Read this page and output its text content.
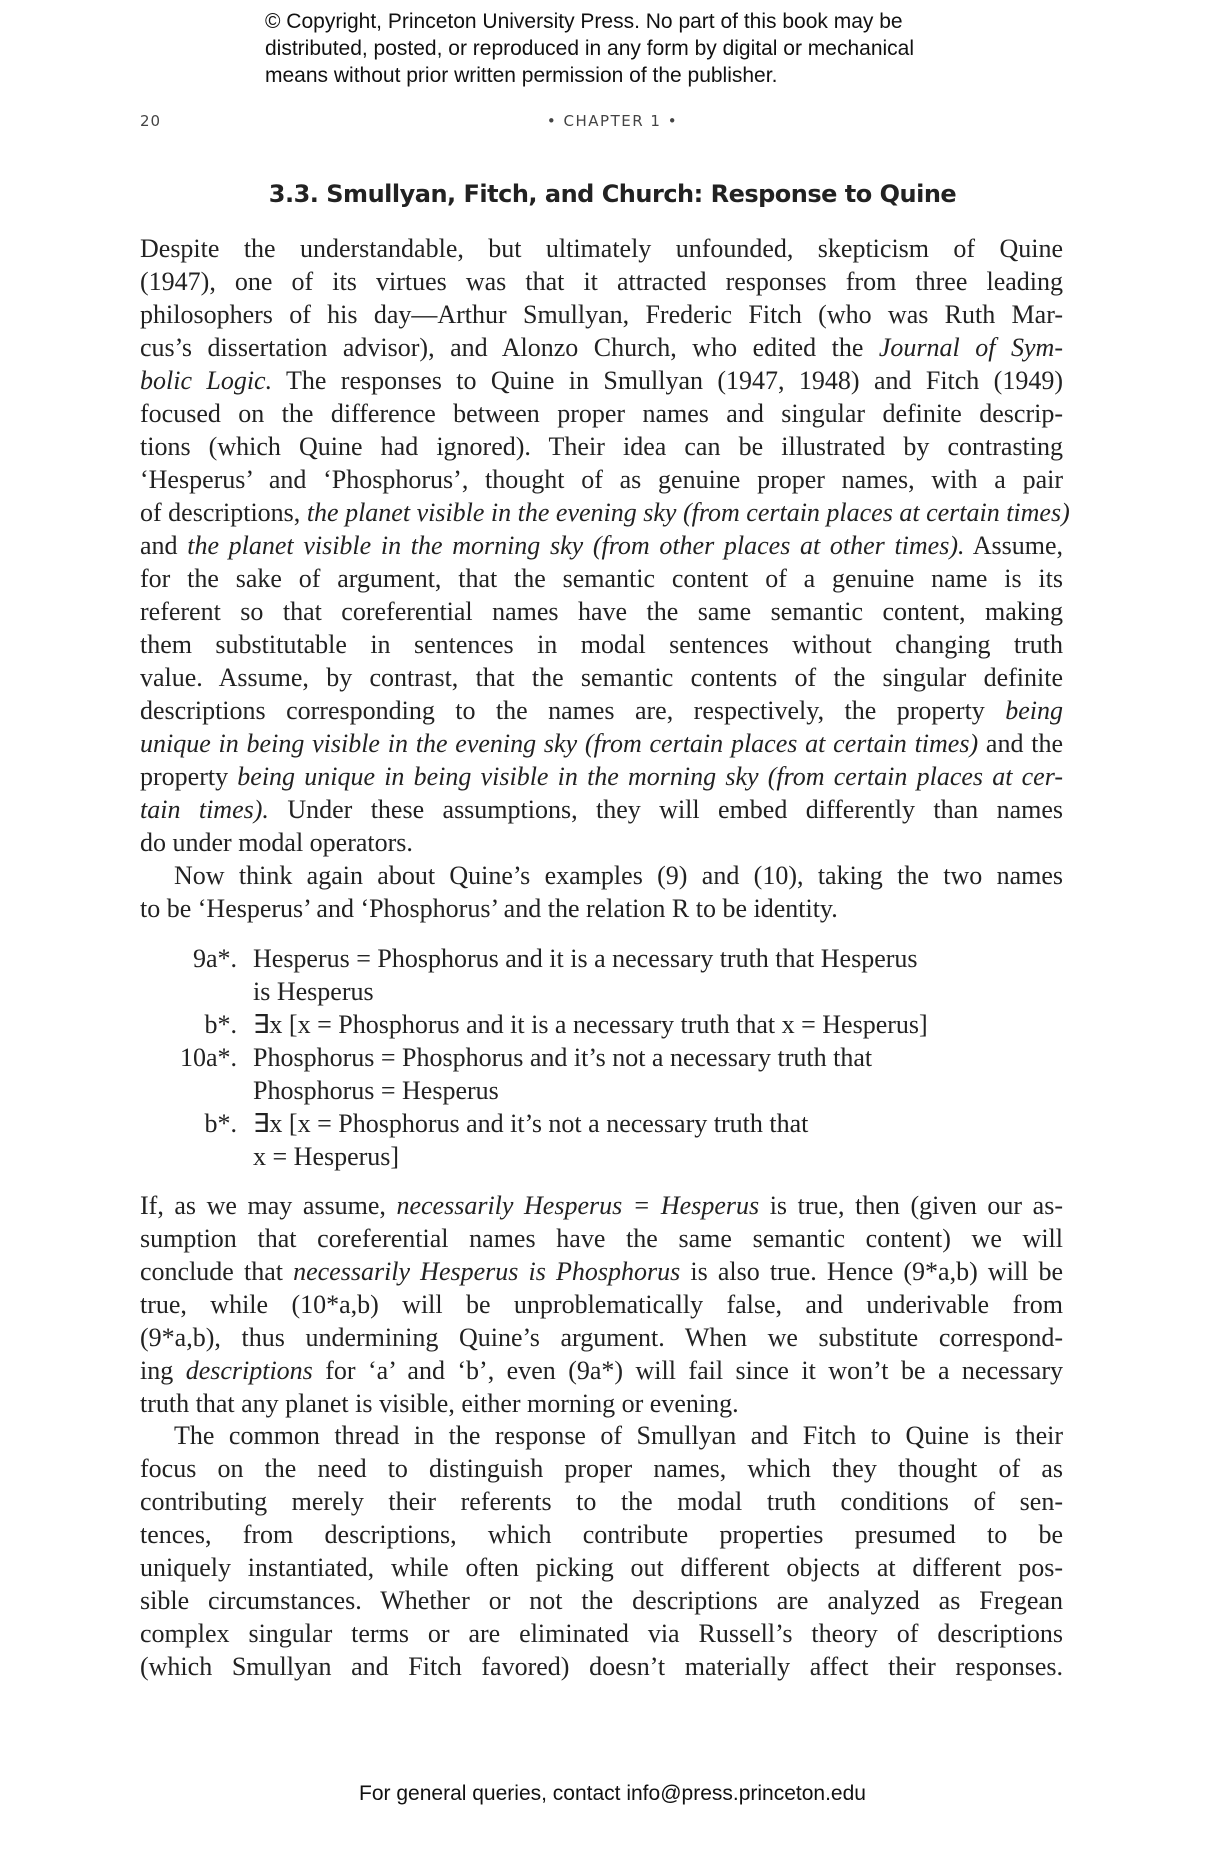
© Copyright, Princeton University Press. No part of this book may be
distributed, posted, or reproduced in any form by digital or mechanical
means without prior written permission of the publisher.
20	• CHAPTER 1 •
3.3. Smullyan, Fitch, and Church: Response to Quine
Despite the understandable, but ultimately unfounded, skepticism of Quine
(1947), one of its virtues was that it attracted responses from three leading
philosophers of his day—Arthur Smullyan, Frederic Fitch (who was Ruth Mar-
cus’s dissertation advisor), and Alonzo Church, who edited the Journal of Sym-
bolic Logic. The responses to Quine in Smullyan (1947, 1948) and Fitch (1949)
focused on the difference between proper names and singular definite descrip-
tions (which Quine had ignored). Their idea can be illustrated by contrasting
‘Hesperus’ and ‘Phosphorus’, thought of as genuine proper names, with a pair
of descriptions, the planet visible in the evening sky (from certain places at certain times)
and the planet visible in the morning sky (from other places at other times). Assume,
for the sake of argument, that the semantic content of a genuine name is its
referent so that coreferential names have the same semantic content, making
them substitutable in sentences in modal sentences without changing truth
value. Assume, by contrast, that the semantic contents of the singular definite
descriptions corresponding to the names are, respectively, the property being
unique in being visible in the evening sky (from certain places at certain times) and the
property being unique in being visible in the morning sky (from certain places at cer-
tain times). Under these assumptions, they will embed differently than names
do under modal operators.
Now think again about Quine’s examples (9) and (10), taking the two names
to be ‘Hesperus’ and ‘Phosphorus’ and the relation R to be identity.
9a*. Hesperus = Phosphorus and it is a necessary truth that Hesperus
is Hesperus
b*. ∃x [x = Phosphorus and it is a necessary truth that x = Hesperus]
10a*. Phosphorus = Phosphorus and it’s not a necessary truth that
Phosphorus = Hesperus
b*. ∃x [x = Phosphorus and it’s not a necessary truth that
x = Hesperus]
If, as we may assume, necessarily Hesperus = Hesperus is true, then (given our as-
sumption that coreferential names have the same semantic content) we will
conclude that necessarily Hesperus is Phosphorus is also true. Hence (9*a,b) will be
true, while (10*a,b) will be unproblematically false, and underivable from
(9*a,b), thus undermining Quine’s argument. When we substitute correspond-
ing descriptions for ‘a’ and ‘b’, even (9a*) will fail since it won’t be a necessary
truth that any planet is visible, either morning or evening.
The common thread in the response of Smullyan and Fitch to Quine is their
focus on the need to distinguish proper names, which they thought of as
contributing merely their referents to the modal truth conditions of sen-
tences, from descriptions, which contribute properties presumed to be
uniquely instantiated, while often picking out different objects at different pos-
sible circumstances. Whether or not the descriptions are analyzed as Fregean
complex singular terms or are eliminated via Russell’s theory of descriptions
(which Smullyan and Fitch favored) doesn’t materially affect their responses.
For general queries, contact info@press.princeton.edu
